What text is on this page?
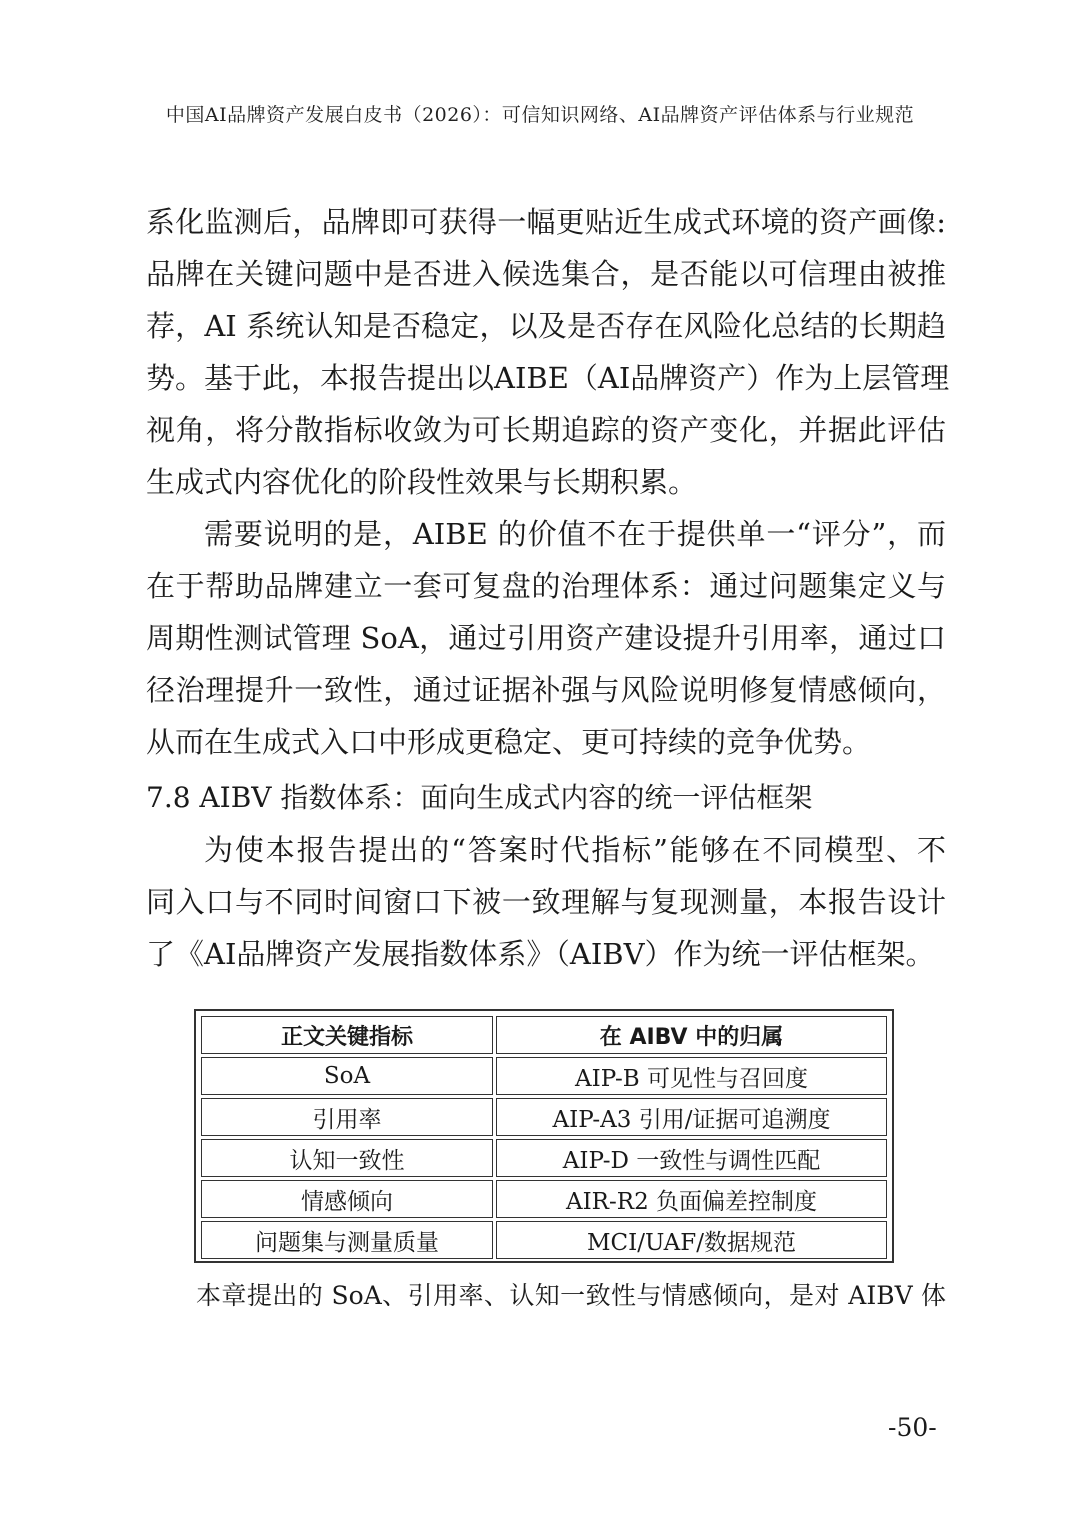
中国AI品牌资产发展白皮书（2026）：可信知识网络、AI品牌资产评估体系与行业规范
系化监测后，品牌即可获得一幅更贴近生成式环境的资产画像:
品牌在关键问题中是否进入候选集合，是否能以可信理由被推
荐，AI 系统认知是否稳定，以及是否存在风险化总结的长期趋
势。基于此，本报告提出以AIBE（AI品牌资产）作为上层管理
视角，将分散指标收敛为可长期追踪的资产变化，并据此评估
生成式内容优化的阶段性效果与长期积累。
需要说明的是，AIBE 的价值不在于提供单一“评分”，而
在于帮助品牌建立一套可复盘的治理体系：通过问题集定义与
周期性测试管理 SoA，通过引用资产建设提升引用率，通过口
径治理提升一致性，通过证据补强与风险说明修复情感倾向，
从而在生成式入口中形成更稳定、更可持续的竞争优势。
7.8 AIBV 指数体系：面向生成式内容的统一评估框架
为使本报告提出的“答案时代指标”能够在不同模型、不
同入口与不同时间窗口下被一致理解与复现测量，本报告设计
了《AI品牌资产发展指数体系》（AIBV）作为统一评估框架。
正文关键指标	在 AIBV 中的归属
SoA	AIP-B 可见性与召回度
引用率	AIP-A3 引用/证据可追溯度
认知一致性	AIP-D 一致性与调性匹配
情感倾向	AIR-R2 负面偏差控制度
问题集与测量质量	MCI/UAF/数据规范
本章提出的 SoA、引用率、认知一致性与情感倾向，是对 AIBV 体
-50-
